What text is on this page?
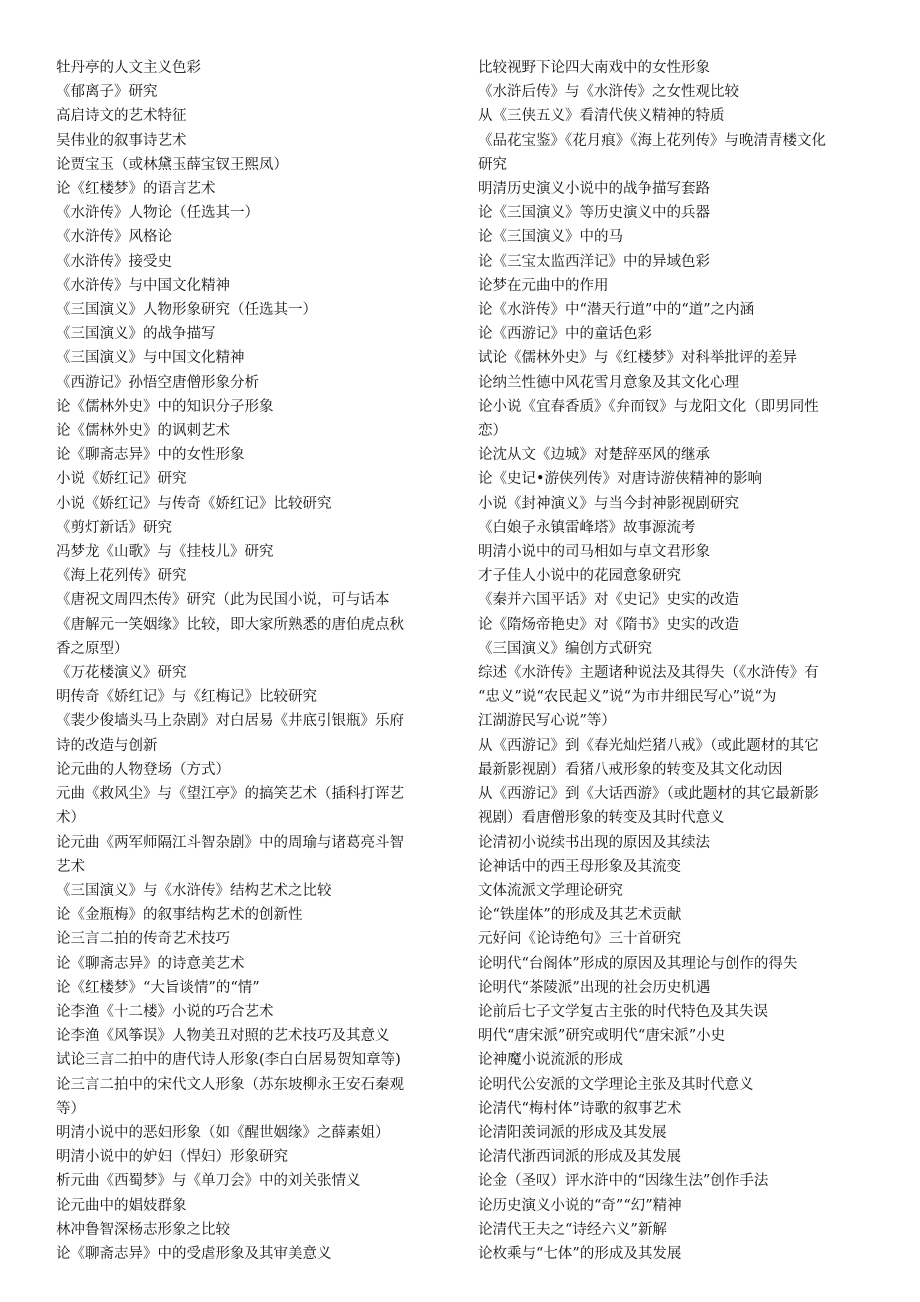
牡丹亭的人文主义色彩
《郁离子》研究
高启诗文的艺术特征
吴伟业的叙事诗艺术
论贾宝玉（或林黛玉薛宝钗王熙凤）
论《红楼梦》的语言艺术
《水浒传》人物论（任选其一）
《水浒传》风格论
《水浒传》接受史
《水浒传》与中国文化精神
《三国演义》人物形象研究（任选其一）
《三国演义》的战争描写
《三国演义》与中国文化精神
《西游记》孙悟空唐僧形象分析
论《儒林外史》中的知识分子形象
论《儒林外史》的讽刺艺术
论《聊斋志异》中的女性形象
小说《娇红记》研究
小说《娇红记》与传奇《娇红记》比较研究
《剪灯新话》研究
冯梦龙《山歌》与《挂枝儿》研究
《海上花列传》研究
《唐祝文周四杰传》研究（此为民国小说，可与话本
《唐解元一笑姻缘》比较，即大家所熟悉的唐伯虎点秋
香之原型）
《万花楼演义》研究
明传奇《娇红记》与《红梅记》比较研究
《裴少俊墙头马上杂剧》对白居易《井底引银瓶》乐府
诗的改造与创新
论元曲的人物登场（方式）
元曲《救风尘》与《望江亭》的搞笑艺术（插科打诨艺
术）
论元曲《两军师隔江斗智杂剧》中的周瑜与诸葛亮斗智
艺术
《三国演义》与《水浒传》结构艺术之比较
论《金瓶梅》的叙事结构艺术的创新性
论三言二拍的传奇艺术技巧
论《聊斋志异》的诗意美艺术
论《红楼梦》“大旨谈情”的“情”
论李渔《十二楼》小说的巧合艺术
论李渔《风筝误》人物美丑对照的艺术技巧及其意义
试论三言二拍中的唐代诗人形象(李白白居易贺知章等)
论三言二拍中的宋代文人形象（苏东坡柳永王安石秦观
等）
明清小说中的恶妇形象（如《醒世姻缘》之薛素姐）
明清小说中的妒妇（悍妇）形象研究
析元曲《西蜀梦》与《单刀会》中的刘关张情义
论元曲中的娼妓群象
林冲鲁智深杨志形象之比较
论《聊斋志异》中的受虐形象及其审美意义
比较视野下论四大南戏中的女性形象
《水浒后传》与《水浒传》之女性观比较
从《三侠五义》看清代侠义精神的特质
《品花宝鉴》《花月痕》《海上花列传》与晚清青楼文化
研究
明清历史演义小说中的战争描写套路
论《三国演义》等历史演义中的兵器
论《三国演义》中的马
论《三宝太监西洋记》中的异域色彩
论梦在元曲中的作用
论《水浒传》中“潜天行道”中的“道”之内涵
论《西游记》中的童话色彩
试论《儒林外史》与《红楼梦》对科举批评的差异
论纳兰性德中风花雪月意象及其文化心理
论小说《宜春香质》《弁而钗》与龙阳文化（即男同性
恋）
论沈从文《边城》对楚辞巫风的继承
论《史记•游侠列传》对唐诗游侠精神的影响
小说《封神演义》与当今封神影视剧研究
《白娘子永镇雷峰塔》故事源流考
明清小说中的司马相如与卓文君形象
才子佳人小说中的花园意象研究
《秦并六国平话》对《史记》史实的改造
论《隋炀帝艳史》对《隋书》史实的改造
《三国演义》编创方式研究
综述《水浒传》主题诸种说法及其得失（《水浒传》有
“忠义”说“农民起义”说“为市井细民写心”说“为
江湖游民写心说”等）
从《西游记》到《春光灿烂猪八戒》（或此题材的其它
最新影视剧）看猪八戒形象的转变及其文化动因
从《西游记》到《大话西游》（或此题材的其它最新影
视剧）看唐僧形象的转变及其时代意义
论清初小说续书出现的原因及其续法
论神话中的西王母形象及其流变
文体流派文学理论研究
论“铁崖体”的形成及其艺术贡献
元好问《论诗绝句》三十首研究
论明代“台阁体”形成的原因及其理论与创作的得失
论明代“茶陵派”出现的社会历史机遇
论前后七子文学复古主张的时代特色及其失误
明代“唐宋派”研究或明代“唐宋派”小史
论神魔小说流派的形成
论明代公安派的文学理论主张及其时代意义
论清代“梅村体”诗歌的叙事艺术
论清阳羡词派的形成及其发展
论清代浙西词派的形成及其发展
论金（圣叹）评水浒中的“因缘生法”创作手法
论历史演义小说的“奇”“幻”精神
论清代王夫之“诗经六义”新解
论枚乘与“七体”的形成及其发展
